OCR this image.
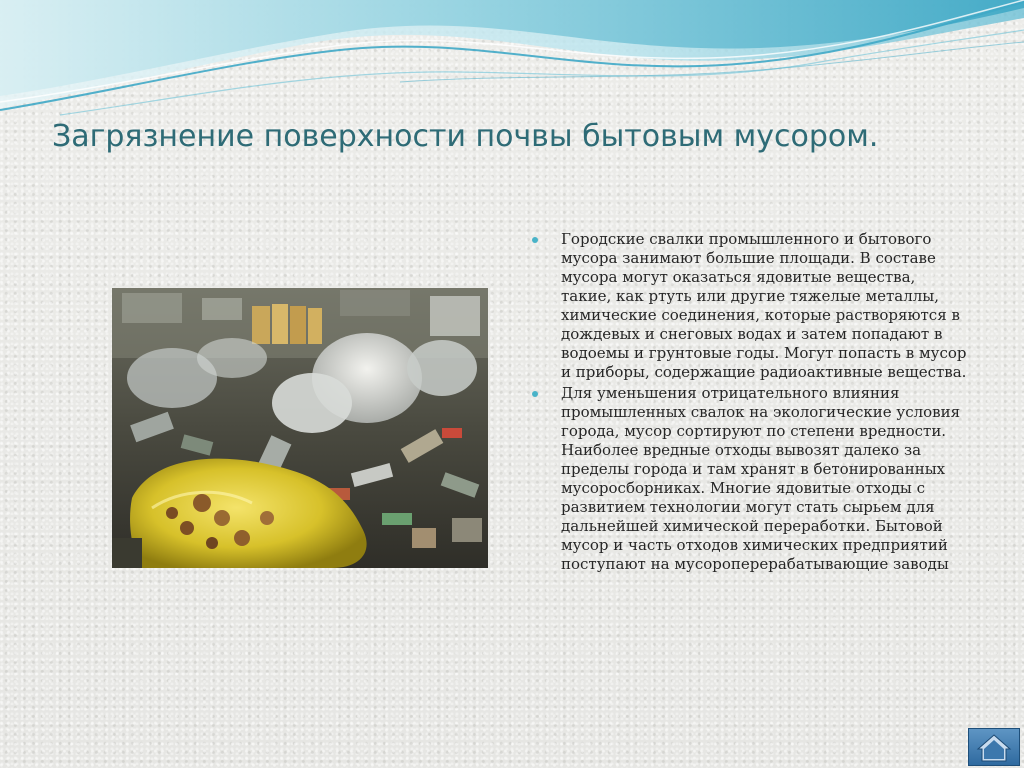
Загрязнение поверхности почвы бытовым мусором.
Городские свалки промышленного и бытового мусора занимают большие площади. В составе мусора могут оказаться ядовитые вещества, такие, как ртуть или другие тяжелые металлы, химические соединения, которые растворяются в дождевых и снеговых водах и затем попадают в водоемы и грунтовые годы. Могут попасть в мусор и приборы, содержащие радиоактивные вещества.
Для уменьшения отрицательного влияния промышленных свалок на экологические условия города, мусор сортируют по степени вредности. Наиболее вредные отходы вывозят далеко за пределы города и там хранят в бетонированных мусоросборниках. Многие ядовитые отходы с развитием технологии могут стать сырьем для дальнейшей химической переработки. Бытовой мусор и часть отходов химических предприятий поступают на мусороперерабатывающие заводы
